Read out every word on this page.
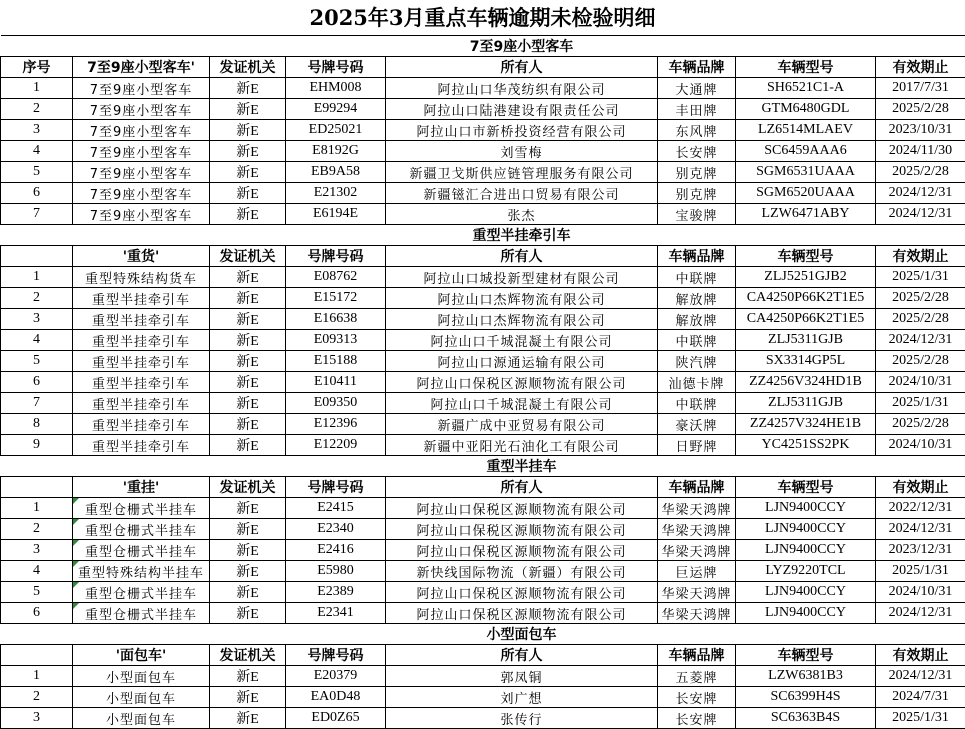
2025年3月重点车辆逾期未检验明细
				7至9座小型客车			
序号	7至9座小型客车'	发证机关	号牌号码	所有人	车辆品牌	车辆型号	有效期止
1	7至9座小型客车	新E	EHM008	阿拉山口华茂纺织有限公司	大通牌	SH6521C1-A	2017/7/31
2	7至9座小型客车	新E	E99294	阿拉山口陆港建设有限责任公司	丰田牌	GTM6480GDL	2025/2/28
3	7至9座小型客车	新E	ED25021	阿拉山口市新桥投资经营有限公司	东风牌	LZ6514MLAEV	2023/10/31
4	7至9座小型客车	新E	E8192G	刘雪梅	长安牌	SC6459AAA6	2024/11/30
5	7至9座小型客车	新E	EB9A58	新疆卫戈斯供应链管理服务有限公司	别克牌	SGM6531UAAA	2025/2/28
6	7至9座小型客车	新E	E21302	新疆镃汇合进出口贸易有限公司	别克牌	SGM6520UAAA	2024/12/31
7	7至9座小型客车	新E	E6194E	张杰	宝骏牌	LZW6471ABY	2024/12/31
				重型半挂牵引车			
	'重货'	发证机关	号牌号码	所有人	车辆品牌	车辆型号	有效期止
1	重型特殊结构货车	新E	E08762	阿拉山口城投新型建材有限公司	中联牌	ZLJ5251GJB2	2025/1/31
2	重型半挂牵引车	新E	E15172	阿拉山口杰辉物流有限公司	解放牌	CA4250P66K2T1E5	2025/2/28
3	重型半挂牵引车	新E	E16638	阿拉山口杰辉物流有限公司	解放牌	CA4250P66K2T1E5	2025/2/28
4	重型半挂牵引车	新E	E09313	阿拉山口千城混凝土有限公司	中联牌	ZLJ5311GJB	2024/12/31
5	重型半挂牵引车	新E	E15188	阿拉山口源通运输有限公司	陕汽牌	SX3314GP5L	2025/2/28
6	重型半挂牵引车	新E	E10411	阿拉山口保税区源顺物流有限公司	汕德卡牌	ZZ4256V324HD1B	2024/10/31
7	重型半挂牵引车	新E	E09350	阿拉山口千城混凝土有限公司	中联牌	ZLJ5311GJB	2025/1/31
8	重型半挂牵引车	新E	E12396	新疆广成中亚贸易有限公司	豪沃牌	ZZ4257V324HE1B	2025/2/28
9	重型半挂牵引车	新E	E12209	新疆中亚阳光石油化工有限公司	日野牌	YC4251SS2PK	2024/10/31
				重型半挂车			
	'重挂'	发证机关	号牌号码	所有人	车辆品牌	车辆型号	有效期止
1	重型仓栅式半挂车	新E	E2415	阿拉山口保税区源顺物流有限公司	华梁天鸿牌	LJN9400CCY	2022/12/31
2	重型仓栅式半挂车	新E	E2340	阿拉山口保税区源顺物流有限公司	华梁天鸿牌	LJN9400CCY	2024/12/31
3	重型仓栅式半挂车	新E	E2416	阿拉山口保税区源顺物流有限公司	华梁天鸿牌	LJN9400CCY	2023/12/31
4	重型特殊结构半挂车	新E	E5980	新快线国际物流（新疆）有限公司	巨运牌	LYZ9220TCL	2025/1/31
5	重型仓栅式半挂车	新E	E2389	阿拉山口保税区源顺物流有限公司	华梁天鸿牌	LJN9400CCY	2024/10/31
6	重型仓栅式半挂车	新E	E2341	阿拉山口保税区源顺物流有限公司	华梁天鸿牌	LJN9400CCY	2024/12/31
				小型面包车			
	'面包车'	发证机关	号牌号码	所有人	车辆品牌	车辆型号	有效期止
1	小型面包车	新E	E20379	郭凤铜	五菱牌	LZW6381B3	2024/12/31
2	小型面包车	新E	EA0D48	刘广想	长安牌	SC6399H4S	2024/7/31
3	小型面包车	新E	ED0Z65	张传行	长安牌	SC6363B4S	2025/1/31
